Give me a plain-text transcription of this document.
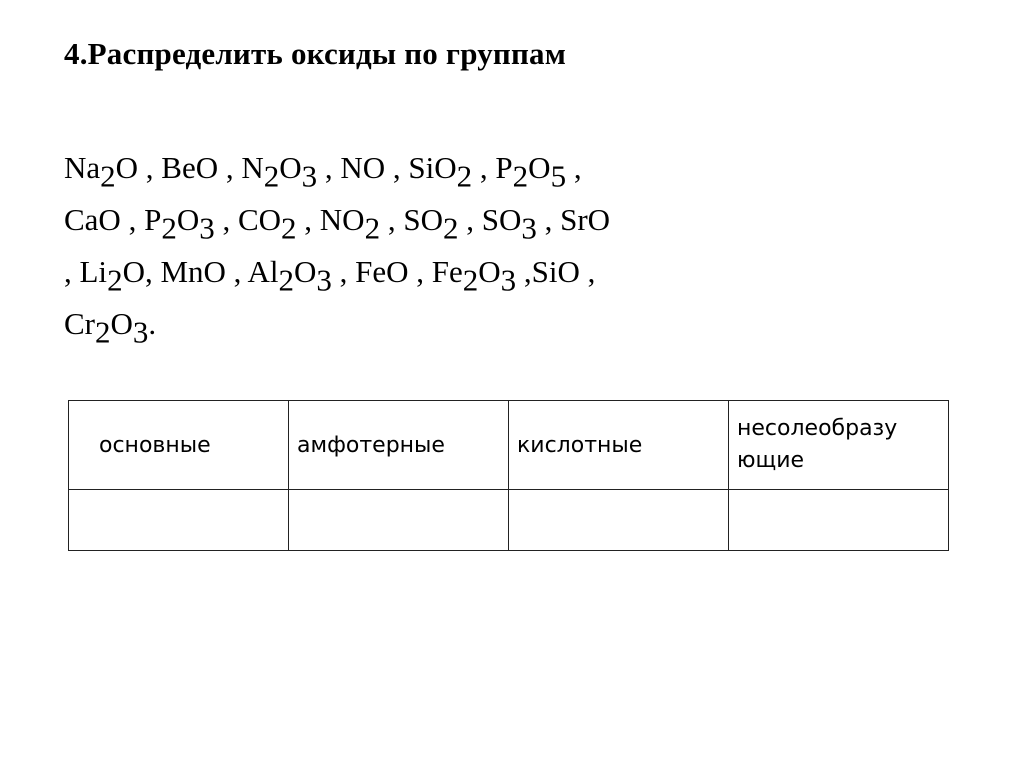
4.Распределить оксиды по группам
$Na_2O$ , BeO , $N_2O_3$ , NO , SiO$_2$ , $P_2O_5$ ,
CaO , $P_2O_3$ , $CO_2$ , $NO_2$ , $SO_2$ , $SO_3$ , SrO
, $Li_2O$, MnO , $Al_2O_3$ , FeO , $Fe_2O_3$ ,SiO ,
$Cr_2O_3$.
основные	амфотерные	кислотные	несолеобразу
ющие
